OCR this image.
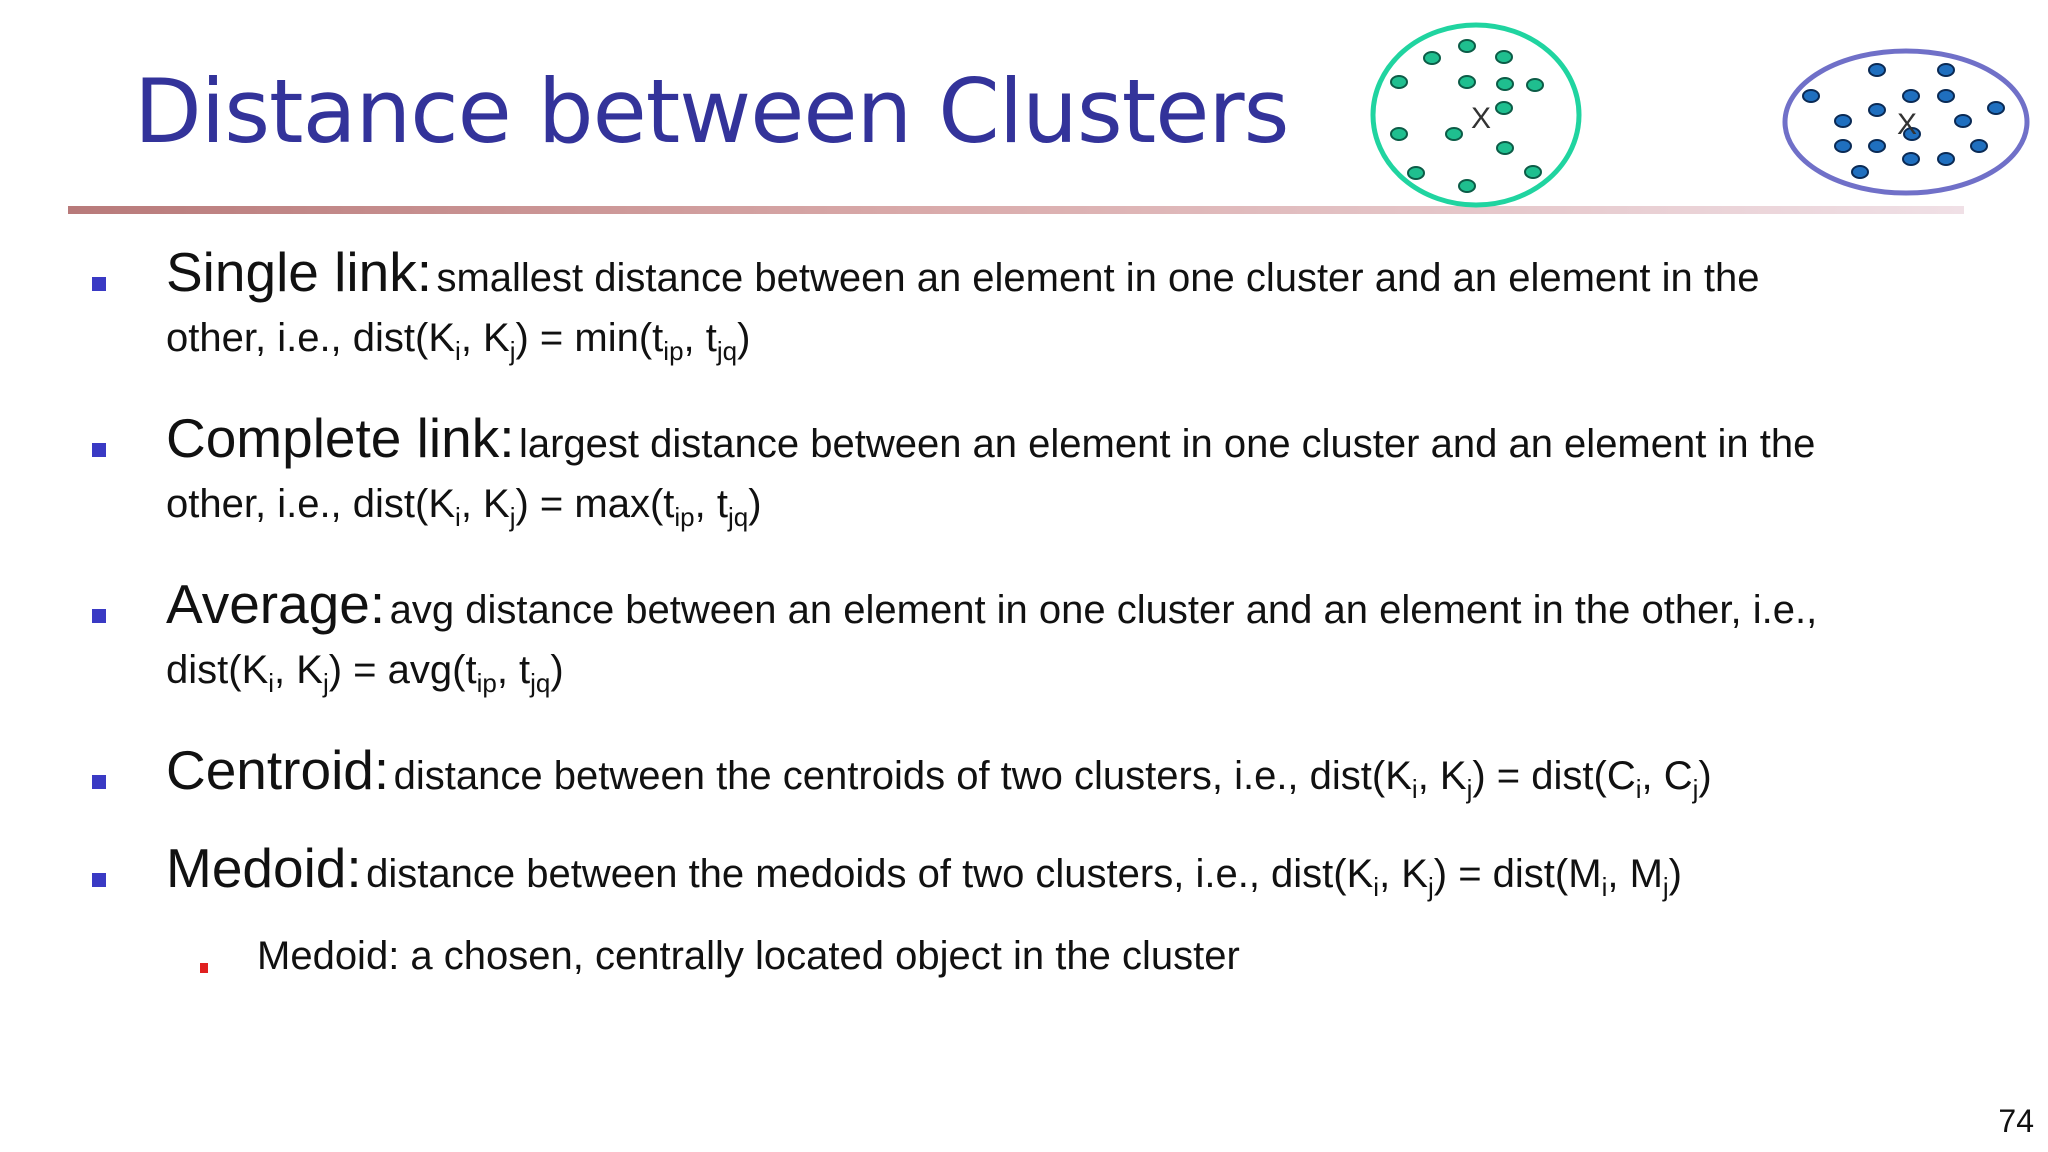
Distance between Clusters	X	X
Single link: smallest distance between an element in one cluster and an element in the
other, i.e., $dist(K_i$, $K_j) = \min(t_{ip}$, $t_{jq}$)
Complete link: largest distance between an element in one cluster and an element in the
other, i.e., $dist(K_i$, $K_j) = \max(t_{ip}$, $t_{jq}$)
Average: avg distance between an element in one cluster and an element in the other, i.e.,
$dist(K_i$, $K_j) = avg(t_{ip}$, $t_{jq}$)
Centroid: distance between the centroids of two clusters, i.e., $dist(K_i$, $K_j$) = $dist(C_i$, $C_j$)
Medoid: distance between the medoids of two clusters, i.e., $dist(K_i$, $K_j$) = $dist(M_i$, $M_j$)
Medoid: a chosen, centrally located object in the cluster
74
